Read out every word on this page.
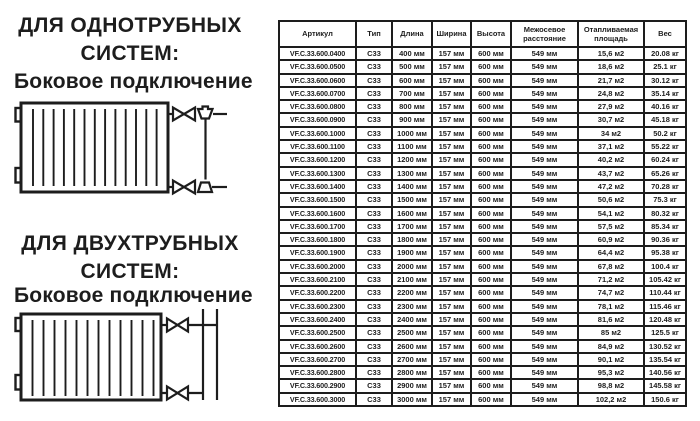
ДЛЯ ОДНОТРУБНЫХ
СИСТЕМ:
Боковое подключение
ДЛЯ ДВУХТРУБНЫХ
СИСТЕМ:
Боковое подключение
Артикул	Тип	Длина	Ширина	Высота	Межосевое расстояние	Отапливаемая площадь	Вес
VF.C.33.600.0400	C33	400 мм	157 мм	600 мм	549 мм	15,6 м2	20.08 кг
VF.C.33.600.0500	C33	500 мм	157 мм	600 мм	549 мм	18,6 м2	25.1 кг
VF.C.33.600.0600	C33	600 мм	157 мм	600 мм	549 мм	21,7 м2	30.12 кг
VF.C.33.600.0700	C33	700 мм	157 мм	600 мм	549 мм	24,8 м2	35.14 кг
VF.C.33.600.0800	C33	800 мм	157 мм	600 мм	549 мм	27,9 м2	40.16 кг
VF.C.33.600.0900	C33	900 мм	157 мм	600 мм	549 мм	30,7 м2	45.18 кг
VF.C.33.600.1000	C33	1000 мм	157 мм	600 мм	549 мм	34 м2	50.2 кг
VF.C.33.600.1100	C33	1100 мм	157 мм	600 мм	549 мм	37,1 м2	55.22 кг
VF.C.33.600.1200	C33	1200 мм	157 мм	600 мм	549 мм	40,2 м2	60.24 кг
VF.C.33.600.1300	C33	1300 мм	157 мм	600 мм	549 мм	43,7 м2	65.26 кг
VF.C.33.600.1400	C33	1400 мм	157 мм	600 мм	549 мм	47,2 м2	70.28 кг
VF.C.33.600.1500	C33	1500 мм	157 мм	600 мм	549 мм	50,6 м2	75.3 кг
VF.C.33.600.1600	C33	1600 мм	157 мм	600 мм	549 мм	54,1 м2	80.32 кг
VF.C.33.600.1700	C33	1700 мм	157 мм	600 мм	549 мм	57,5 м2	85.34 кг
VF.C.33.600.1800	C33	1800 мм	157 мм	600 мм	549 мм	60,9 м2	90.36 кг
VF.C.33.600.1900	C33	1900 мм	157 мм	600 мм	549 мм	64,4 м2	95.38 кг
VF.C.33.600.2000	C33	2000 мм	157 мм	600 мм	549 мм	67,8 м2	100.4 кг
VF.C.33.600.2100	C33	2100 мм	157 мм	600 мм	549 мм	71,2 м2	105.42 кг
VF.C.33.600.2200	C33	2200 мм	157 мм	600 мм	549 мм	74,7 м2	110.44 кг
VF.C.33.600.2300	C33	2300 мм	157 мм	600 мм	549 мм	78,1 м2	115.46 кг
VF.C.33.600.2400	C33	2400 мм	157 мм	600 мм	549 мм	81,6 м2	120.48 кг
VF.C.33.600.2500	C33	2500 мм	157 мм	600 мм	549 мм	85 м2	125.5 кг
VF.C.33.600.2600	C33	2600 мм	157 мм	600 мм	549 мм	84,9 м2	130.52 кг
VF.C.33.600.2700	C33	2700 мм	157 мм	600 мм	549 мм	90,1 м2	135.54 кг
VF.C.33.600.2800	C33	2800 мм	157 мм	600 мм	549 мм	95,3 м2	140.56 кг
VF.C.33.600.2900	C33	2900 мм	157 мм	600 мм	549 мм	98,8 м2	145.58 кг
VF.C.33.600.3000	C33	3000 мм	157 мм	600 мм	549 мм	102,2 м2	150.6 кг
